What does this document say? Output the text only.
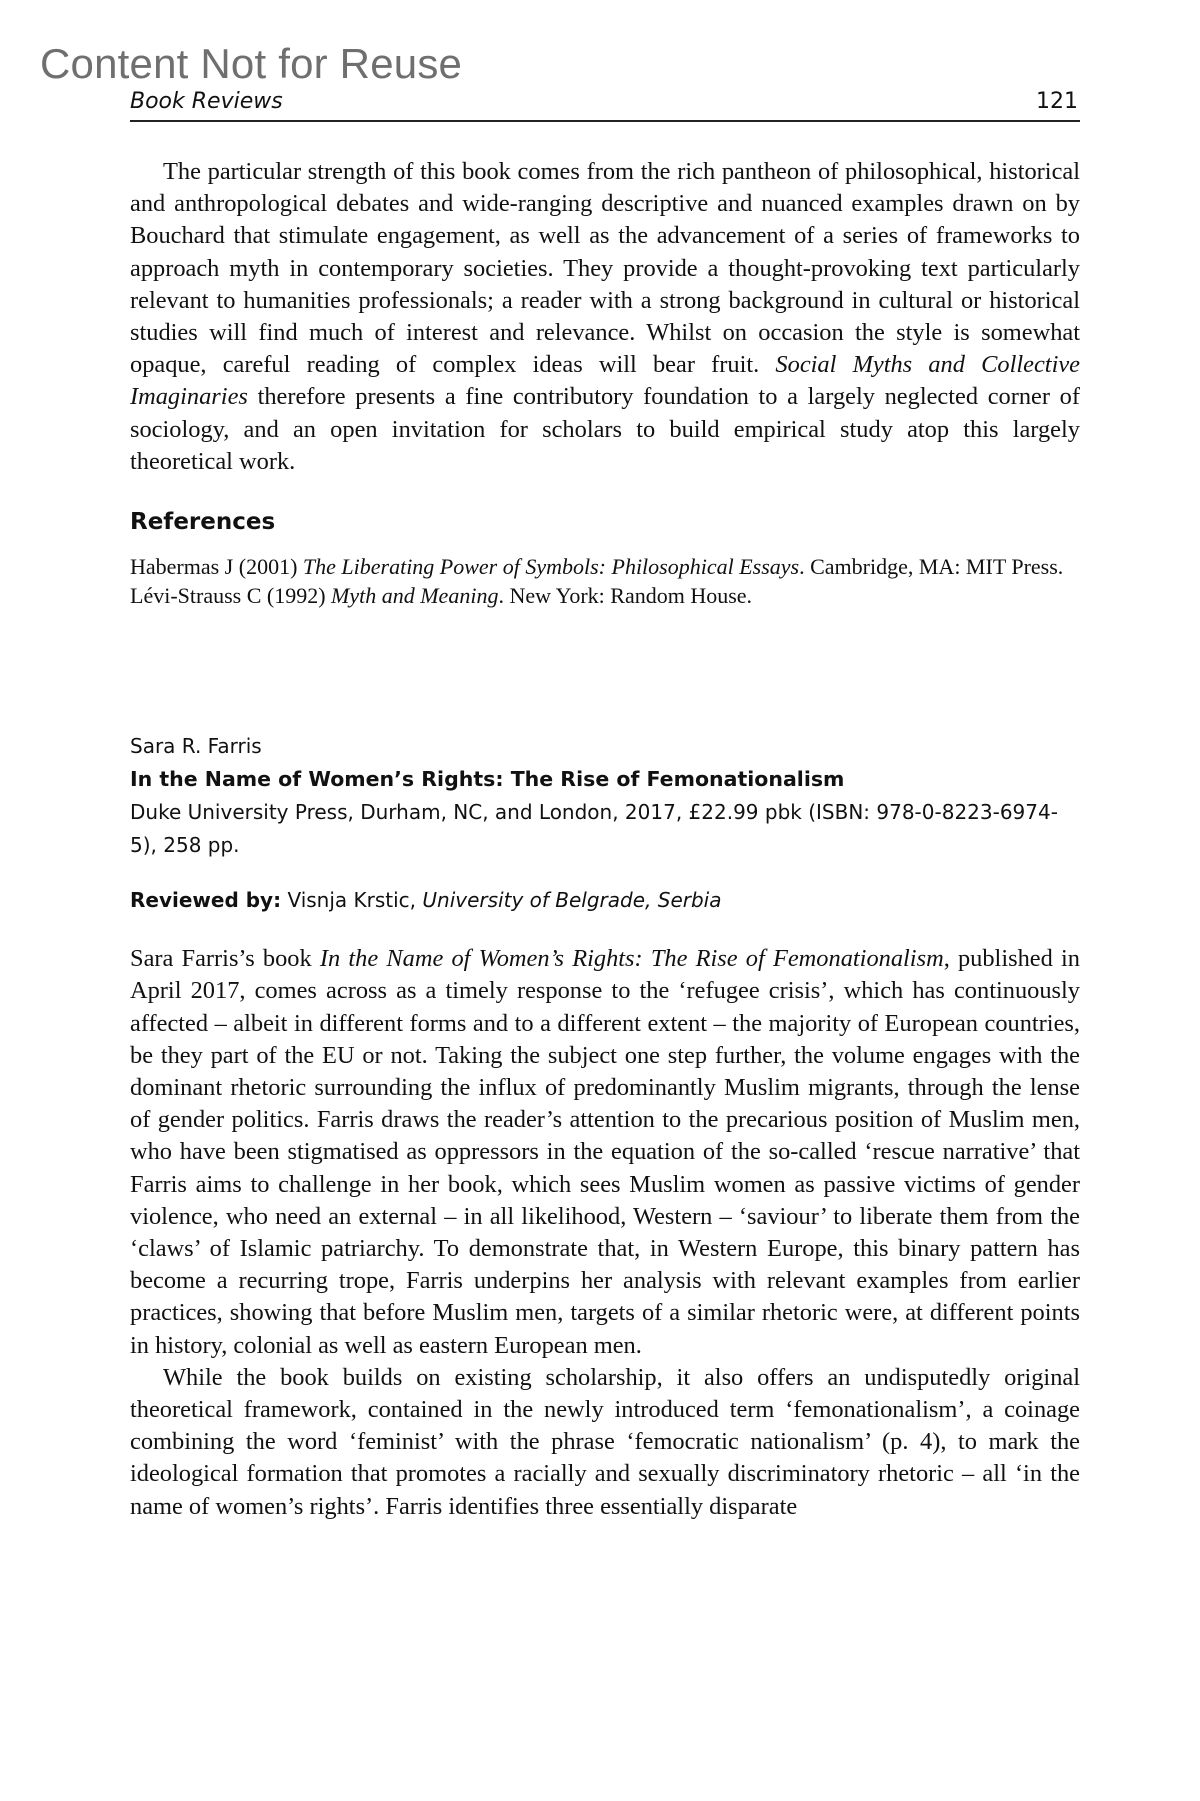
Content Not for Reuse
Book Reviews	121

The particular strength of this book comes from the rich pantheon of philosophical, historical and anthropological debates and wide-ranging descriptive and nuanced examples drawn on by Bouchard that stimulate engagement, as well as the advancement of a series of frameworks to approach myth in contemporary societies. They provide a thought-provoking text particularly relevant to humanities professionals; a reader with a strong background in cultural or historical studies will find much of interest and relevance. Whilst on occasion the style is somewhat opaque, careful reading of complex ideas will bear fruit. Social Myths and Collective Imaginaries therefore presents a fine contributory foundation to a largely neglected corner of sociology, and an open invitation for scholars to build empirical study atop this largely theoretical work.

References

Habermas J (2001) The Liberating Power of Symbols: Philosophical Essays. Cambridge, MA: MIT Press.

Lévi-Strauss C (1992) Myth and Meaning. New York: Random House.

Sara R. Farris
In the Name of Women’s Rights: The Rise of Femonationalism
Duke University Press, Durham, NC, and London, 2017, £22.99 pbk (ISBN: 978-0-8223-6974-5), 258 pp.
Reviewed by: Visnja Krstic, University of Belgrade, Serbia

Sara Farris’s book In the Name of Women’s Rights: The Rise of Femonationalism, published in April 2017, comes across as a timely response to the ‘refugee crisis’, which has continuously affected – albeit in different forms and to a different extent – the majority of European countries, be they part of the EU or not. Taking the subject one step further, the volume engages with the dominant rhetoric surrounding the influx of predominantly Muslim migrants, through the lense of gender politics. Farris draws the reader’s attention to the precarious position of Muslim men, who have been stigmatised as oppressors in the equation of the so-called ‘rescue narrative’ that Farris aims to challenge in her book, which sees Muslim women as passive victims of gender violence, who need an external – in all likelihood, Western – ‘saviour’ to liberate them from the ‘claws’ of Islamic patriarchy. To demonstrate that, in Western Europe, this binary pattern has become a recurring trope, Farris underpins her analysis with relevant examples from earlier practices, showing that before Muslim men, targets of a similar rhetoric were, at different points in history, colonial as well as eastern European men.

While the book builds on existing scholarship, it also offers an undisputedly original theoretical framework, contained in the newly introduced term ‘femonationalism’, a coinage combining the word ‘feminist’ with the phrase ‘femocratic nationalism’ (p. 4), to mark the ideological formation that promotes a racially and sexually discriminatory rhetoric – all ‘in the name of women’s rights’. Farris identifies three essentially disparate
